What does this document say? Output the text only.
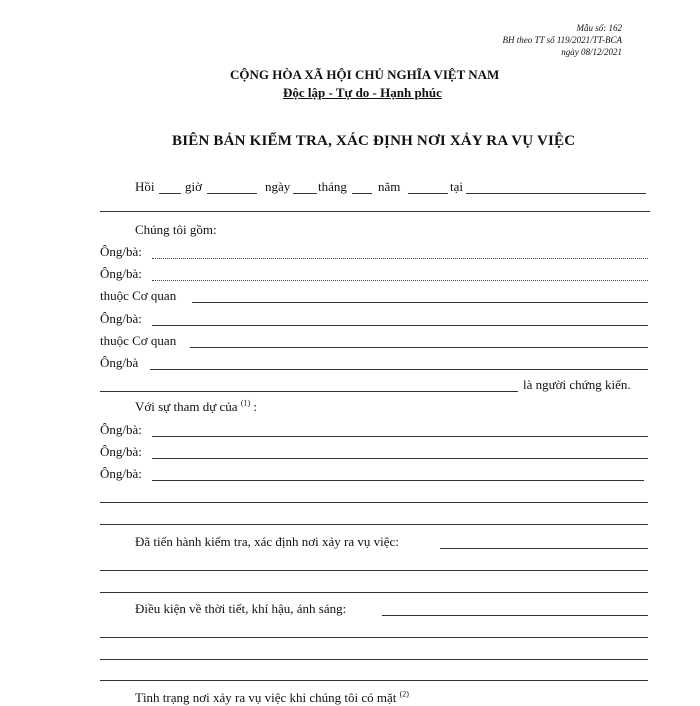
Mẫu số: 162
BH theo TT số 119/2021/TT-BCA
ngày 08/12/2021
CỘNG HÒA XÃ HỘI CHỦ NGHĨA VIỆT NAM
Độc lập - Tự do - Hạnh phúc
BIÊN BẢN KIỂM TRA, XÁC ĐỊNH NƠI XẢY RA VỤ VIỆC
Hồi giờ	ngày tháng năm	tại
Chúng tôi gồm:
Ông/bà:
Ông/bà:
thuộc Cơ quan
Ông/bà:
thuộc Cơ quan
Ông/bà
là người chứng kiến.
Với sự tham dự của $^{(1)}$ :
Ông/bà:
Ông/bà:
Ông/bà:
Đã tiến hành kiểm tra, xác định nơi xảy ra vụ việc:
Điều kiện về thời tiết, khí hậu, ánh sáng:
Tình trạng nơi xảy ra vụ việc khi chúng tôi có mặt $^{(2)}$
